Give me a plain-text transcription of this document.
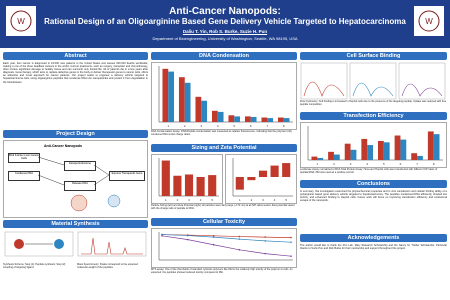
W	W
Anti-Cancer Nanopods:
Rational Design of an Oligoarginine Based Gene Delivery Vehicle Targeted to Hepatocarcinoma
Daliu T. Yin, Rob S. Burke, Suzie H. Pun
Department of Bioengineering, University of Washington, Seattle, WA 98195, USA
Abstract
Each year, liver cancer is diagnosed in 19,000 new patients in the United States and causes 600,000 deaths worldwide, making it one of the three deadliest cancers in the world. Current treatments, such as surgery, transplant and chemotherapy, often involve significant damage to healthy tissue and can succumb only limited life. All of patients die in a few years after diagnosis. Gene therapy, which aims to replace defective genes in the body or deliver therapeutic genes to cancer cells, offers an attractive and novel approach for cancer patients. Our project seeks to engineer a delivery vehicle targeted to hepatocarcinoma cells, using oligoarginine peptides that condense DNA into nanoparticles and protect it from degradation in the bloodstream.
Project Design
Anti-Cancer Nanopods
Bind & Enter Liver Cancer Cells
Condense DNA
Escape Endosome
Release DNA
Express Therapeutic Gene
Material Synthesis
Synthesis Scheme: Step (1): Peptide synthesis; Step (2): Coupling of targeting ligand.
Mass Spectrometry: Peaks correspond to the expected molecular weight of the peptides.
DNA Condensation
1	2	3	4	5	6	7	8
DNA Condensation Assay: DNA/Peptide condensation was measured as relative fluorescence, indicating that the polymers fully condense DNA at low charge ratios.
Sizing and Zeta Potential
1	2	3	4	5	1	2	3	4	5
Particle Sizing (left) and Zeta Potential (right): All particles were fairly large (~170 nm) at all N/P ratios tested. Zeta potential varied with the charge ratio of peptide to DNA.
Cellular Toxicity
MTS assay: One of the thresholds of standard cytotoxic polymers like PEI is the relatively high toxicity of the polymer to cells. As expected, the peptides showed reduced toxicity compared to PEI.
Cell Surface Binding
Flow Cytometry: Cell binding is increased in HepG2 cells due to the presence of the targeting peptide. Uptake was reduced with free peptide competition.
Transfection Efficiency
1	2	3	4	5	6	7	8
Luciferase Assay normalized to BCA Total Protein Assay: HeLa and HepG2 cells were transfected with different N/P ratios of peptide/DNA; PEI was used as a positive control.
Conclusions
In summary, this investigation examined the physiochemical properties and in vitro transfection and cellular binding ability of a polyarginine based gene delivery vehicle targeted to hepatocarcinoma. The peptides condensed DNA efficiently, showed low toxicity, and enhanced binding to HepG2 cells. Future work will focus on improving transfection efficiency and endosomal escape of the nanopods.
Acknowledgements
The author would like to thank the Pun Lab, Mary Research Scholarship and the Nancy M. Treiber Scholarship. Particular thanks to Suzie Pun and Rob Burke for their mentorship and support throughout this project.
